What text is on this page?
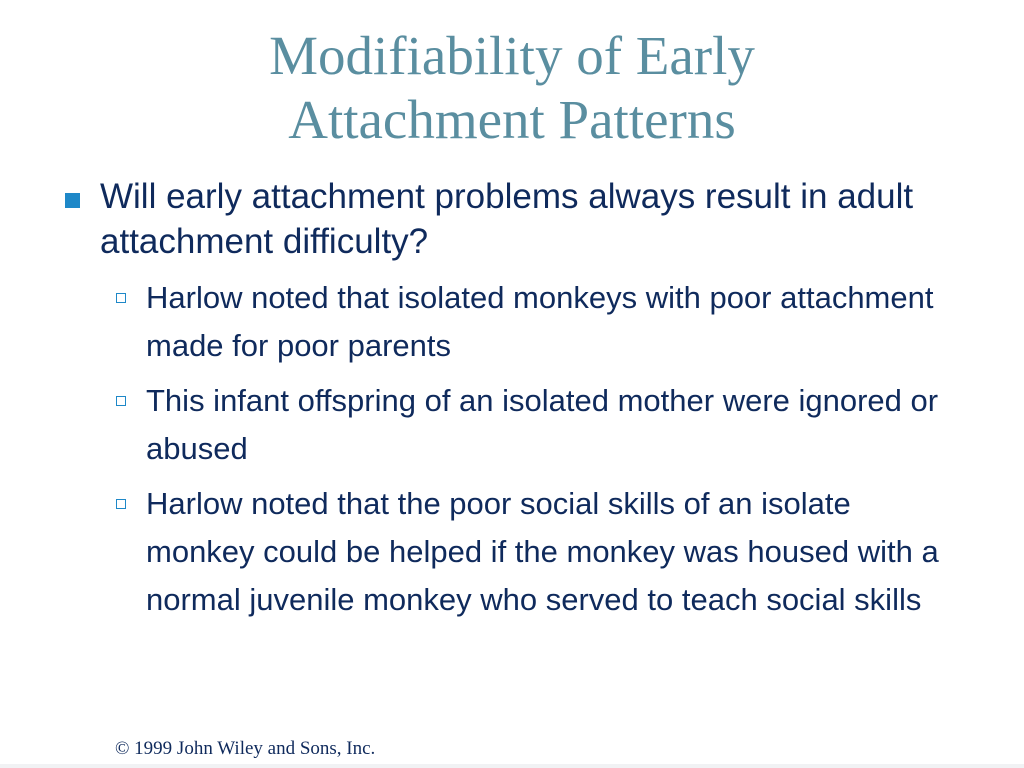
Modifiability of Early
Attachment Patterns
Will early attachment problems always result in adult attachment difficulty?
Harlow noted that isolated monkeys with poor attachment made for poor parents
This infant offspring of an isolated mother were ignored or abused
Harlow noted that the poor social skills of an isolate monkey could be helped if the monkey was housed with a normal juvenile monkey who served to teach social skills
© 1999 John Wiley and Sons, Inc.
